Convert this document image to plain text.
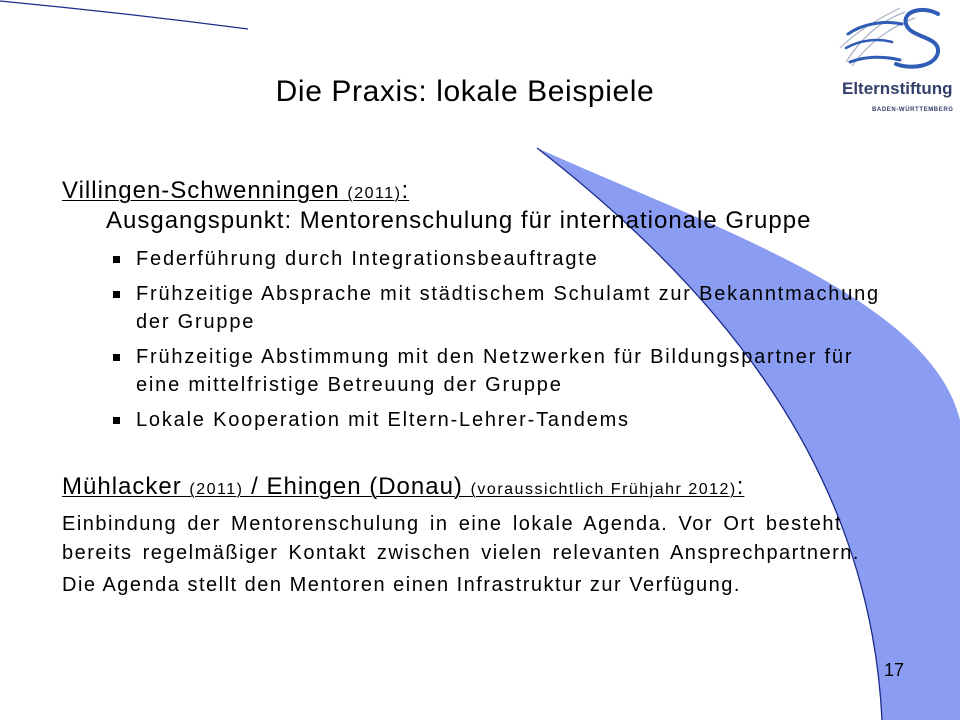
Elternstiftung
BADEN-WÜRTTEMBERG
Die Praxis: lokale Beispiele
Villingen-Schwenningen (2011):
Ausgangspunkt: Mentorenschulung für internationale Gruppe
Federführung durch Integrationsbeauftragte
Frühzeitige Absprache mit städtischem Schulamt zur Bekanntmachung
der Gruppe
Frühzeitige Abstimmung mit den Netzwerken für Bildungspartner für
eine mittelfristige Betreuung der Gruppe
Lokale Kooperation mit Eltern-Lehrer-Tandems
Mühlacker (2011) / Ehingen (Donau) (voraussichtlich Frühjahr 2012):
Einbindung der Mentorenschulung in eine lokale Agenda. Vor Ort besteht
bereits regelmäßiger Kontakt zwischen vielen relevanten Ansprechpartnern.
Die Agenda stellt den Mentoren einen Infrastruktur zur Verfügung.
17
